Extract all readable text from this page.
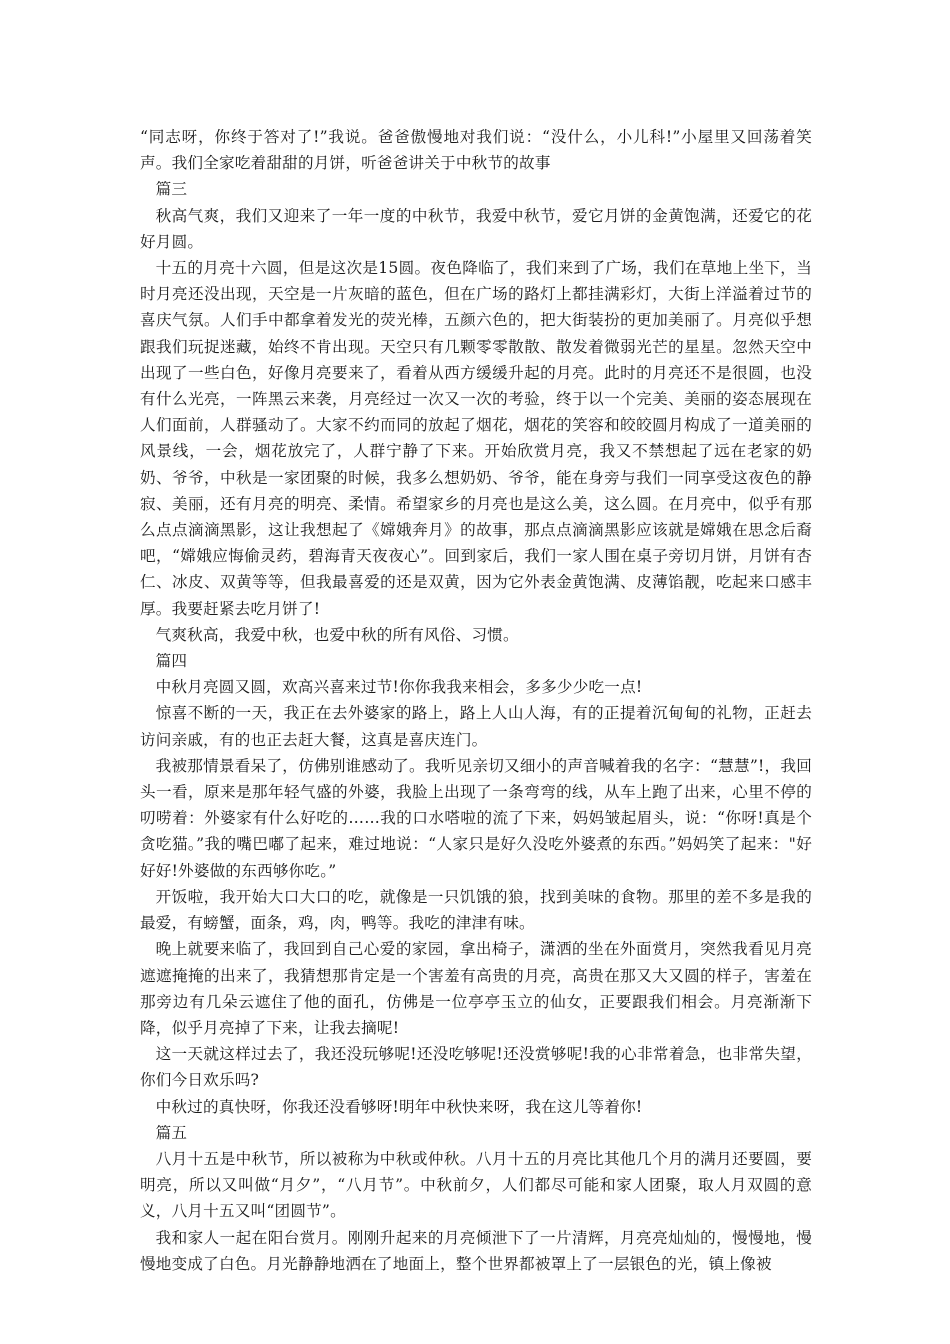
“同志呀，你终于答对了!”我说。爸爸傲慢地对我们说：“没什么，小儿科!”小屋里又回荡着笑声。我们全家吃着甜甜的月饼，听爸爸讲关于中秋节的故事

篇三

秋高气爽，我们又迎来了一年一度的中秋节，我爱中秋节，爱它月饼的金黄饱满，还爱它的花好月圆。

十五的月亮十六圆，但是这次是15圆。夜色降临了，我们来到了广场，我们在草地上坐下，当时月亮还没出现，天空是一片灰暗的蓝色，但在广场的路灯上都挂满彩灯，大街上洋溢着过节的喜庆气氛。人们手中都拿着发光的荧光棒，五颜六色的，把大街装扮的更加美丽了。月亮似乎想跟我们玩捉迷藏，始终不肯出现。天空只有几颗零零散散、散发着微弱光芒的星星。忽然天空中出现了一些白色，好像月亮要来了，看着从西方缓缓升起的月亮。此时的月亮还不是很圆，也没有什么光亮，一阵黑云来袭，月亮经过一次又一次的考验，终于以一个完美、美丽的姿态展现在人们面前，人群骚动了。大家不约而同的放起了烟花，烟花的笑容和皎皎圆月构成了一道美丽的风景线，一会，烟花放完了，人群宁静了下来。开始欣赏月亮，我又不禁想起了远在老家的奶奶、爷爷，中秋是一家团聚的时候，我多么想奶奶、爷爷，能在身旁与我们一同享受这夜色的静寂、美丽，还有月亮的明亮、柔情。希望家乡的月亮也是这么美，这么圆。在月亮中，似乎有那么点点滴滴黑影，这让我想起了《嫦娥奔月》的故事，那点点滴滴黑影应该就是嫦娥在思念后裔吧，“嫦娥应悔偷灵药，碧海青天夜夜心”。回到家后，我们一家人围在桌子旁切月饼，月饼有杏仁、冰皮、双黄等等，但我最喜爱的还是双黄，因为它外表金黄饱满、皮薄馅靓，吃起来口感丰厚。我要赶紧去吃月饼了!

气爽秋高，我爱中秋，也爱中秋的所有风俗、习惯。

篇四

中秋月亮圆又圆，欢高兴喜来过节!你你我我来相会，多多少少吃一点!

惊喜不断的一天，我正在去外婆家的路上，路上人山人海，有的正提着沉甸甸的礼物，正赶去访问亲戚，有的也正去赶大餐，这真是喜庆连门。

我被那情景看呆了，仿佛别谁感动了。我听见亲切又细小的声音喊着我的名字：“慧慧”!，我回头一看，原来是那年轻气盛的外婆，我脸上出现了一条弯弯的线，从车上跑了出来，心里不停的叨唠着：外婆家有什么好吃的……我的口水嗒啦的流了下来，妈妈皱起眉头，说：“你呀!真是个贪吃猫。”我的嘴巴嘟了起来，难过地说：“人家只是好久没吃外婆煮的东西。”妈妈笑了起来："好好好!外婆做的东西够你吃。”

开饭啦，我开始大口大口的吃，就像是一只饥饿的狼，找到美味的食物。那里的差不多是我的最爱，有螃蟹，面条，鸡，肉，鸭等。我吃的津津有味。

晚上就要来临了，我回到自己心爱的家园，拿出椅子，潇洒的坐在外面赏月，突然我看见月亮遮遮掩掩的出来了，我猜想那肯定是一个害羞有高贵的月亮，高贵在那又大又圆的样子，害羞在那旁边有几朵云遮住了他的面孔，仿佛是一位亭亭玉立的仙女，正要跟我们相会。月亮渐渐下降，似乎月亮掉了下来，让我去摘呢!

这一天就这样过去了，我还没玩够呢!还没吃够呢!还没赏够呢!我的心非常着急，也非常失望，你们今日欢乐吗?

中秋过的真快呀，你我还没看够呀!明年中秋快来呀，我在这儿等着你!

篇五

八月十五是中秋节，所以被称为中秋或仲秋。八月十五的月亮比其他几个月的满月还要圆，要明亮，所以又叫做“月夕”，“八月节”。中秋前夕，人们都尽可能和家人团聚，取人月双圆的意义，八月十五又叫“团圆节”。

我和家人一起在阳台赏月。刚刚升起来的月亮倾泄下了一片清辉，月亮亮灿灿的，慢慢地，慢慢地变成了白色。月光静静地洒在了地面上，整个世界都被罩上了一层银色的光，镇上像被
